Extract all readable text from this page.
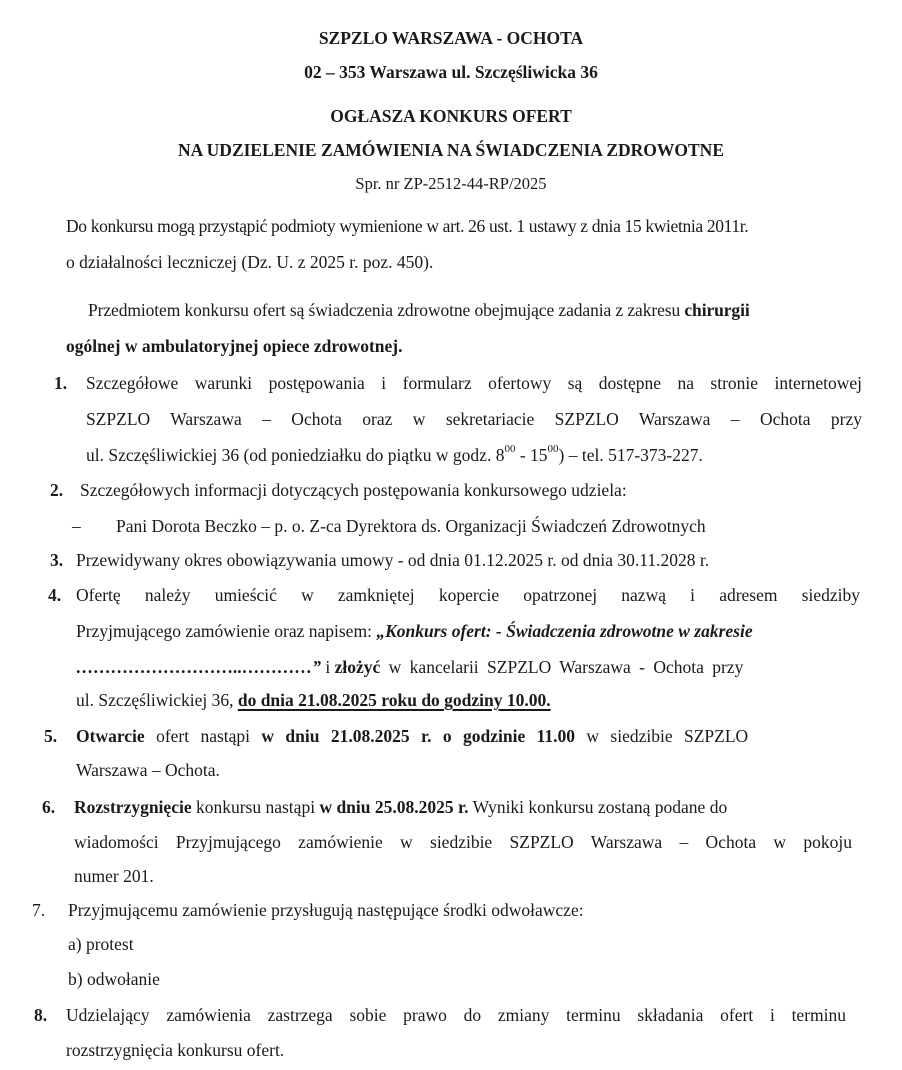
SZPZLO WARSZAWA - OCHOTA
02 – 353 Warszawa ul. Szczęśliwicka 36
OGŁASZA KONKURS OFERT
NA UDZIELENIE ZAMÓWIENIA NA ŚWIADCZENIA ZDROWOTNE
Spr. nr ZP-2512-44-RP/2025
Do konkursu mogą przystąpić podmioty wymienione w art. 26 ust. 1 ustawy z dnia 15 kwietnia 2011r.
o działalności leczniczej (Dz. U. z 2025 r. poz. 450).
Przedmiotem konkursu ofert są świadczenia zdrowotne obejmujące zadania z zakresu chirurgii
ogólnej w ambulatoryjnej opiece zdrowotnej.
1. Szczegółowe warunki postępowania i formularz ofertowy są dostępne na stronie internetowej
SZPZLO Warszawa – Ochota oraz w sekretariacie SZPZLO Warszawa – Ochota przy
ul. Szczęśliwickiej 36 (od poniedziałku do piątku w godz. $8^{00} - 15^{00}$) – tel. 517-373-227.
2. Szczegółowych informacji dotyczących postępowania konkursowego udziela:
– Pani Dorota Beczko – p. o. Z-ca Dyrektora ds. Organizacji Świadczeń Zdrowotnych
3. Przewidywany okres obowiązywania umowy - od dnia 01.12.2025 r. od dnia 30.11.2028 r.
4. Ofertę należy umieścić w zamkniętej kopercie opatrzonej nazwą i adresem siedziby
Przyjmującego zamówienie oraz napisem: „Konkurs ofert: - Świadczenia zdrowotne w zakresie
………………………..…………” i złożyć w kancelarii SZPZLO Warszawa - Ochota przy
ul. Szczęśliwickiej 36, do dnia 21.08.2025 roku do godziny 10.00.
5. Otwarcie ofert nastąpi w dniu 21.08.2025 r. o godzinie 11.00 w siedzibie SZPZLO
Warszawa – Ochota.
6. Rozstrzygnięcie konkursu nastąpi w dniu 25.08.2025 r. Wyniki konkursu zostaną podane do
wiadomości Przyjmującego zamówienie w siedzibie SZPZLO Warszawa – Ochota w pokoju
numer 201.
7. Przyjmującemu zamówienie przysługują następujące środki odwoławcze:
a) protest
b) odwołanie
8. Udzielający zamówienia zastrzega sobie prawo do zmiany terminu składania ofert i terminu
rozstrzygnięcia konkursu ofert.
